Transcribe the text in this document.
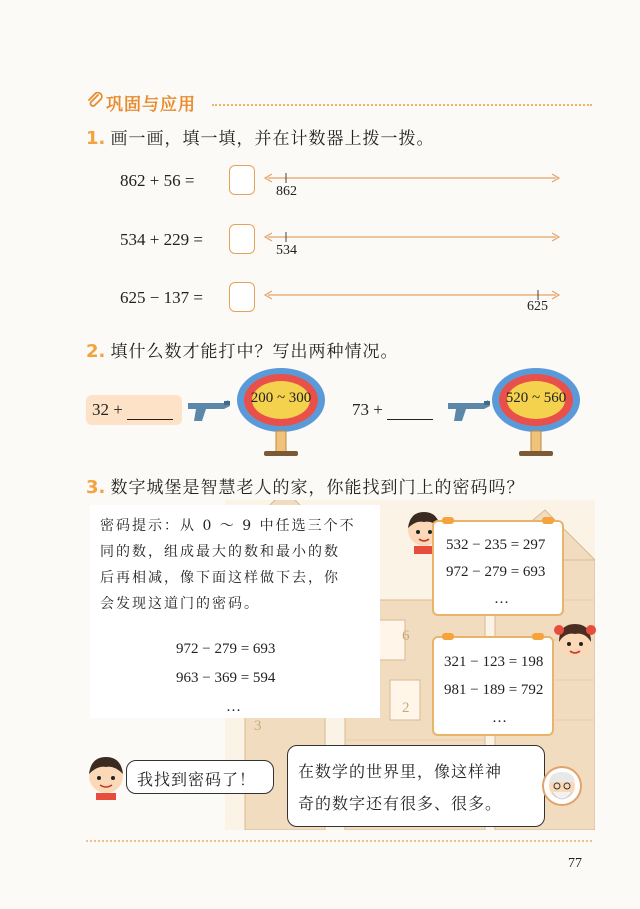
巩固与应用
1. 画一画，填一填，并在计数器上拨一拨。
862 + 56 =
862
534 + 229 =
534
625 − 137 =	625
2. 填什么数才能打中？写出两种情况。
32 +
200 ~ 300
73 +
520 ~ 560
3. 数字城堡是智慧老人的家，你能找到门上的密码吗？
6
3
2
密码提示：从 0 ～ 9 中任选三个不
同的数，组成最大的数和最小的数
后再相减，像下面这样做下去，你
会发现这道门的密码。
972 − 279 = 693
963 − 369 = 594
…
532 − 235 = 297
972 − 279 = 693
…
321 − 123 = 198
981 − 189 = 792
…
我找到密码了！	在数学的世界里，像这样神
奇的数字还有很多、很多。
77
